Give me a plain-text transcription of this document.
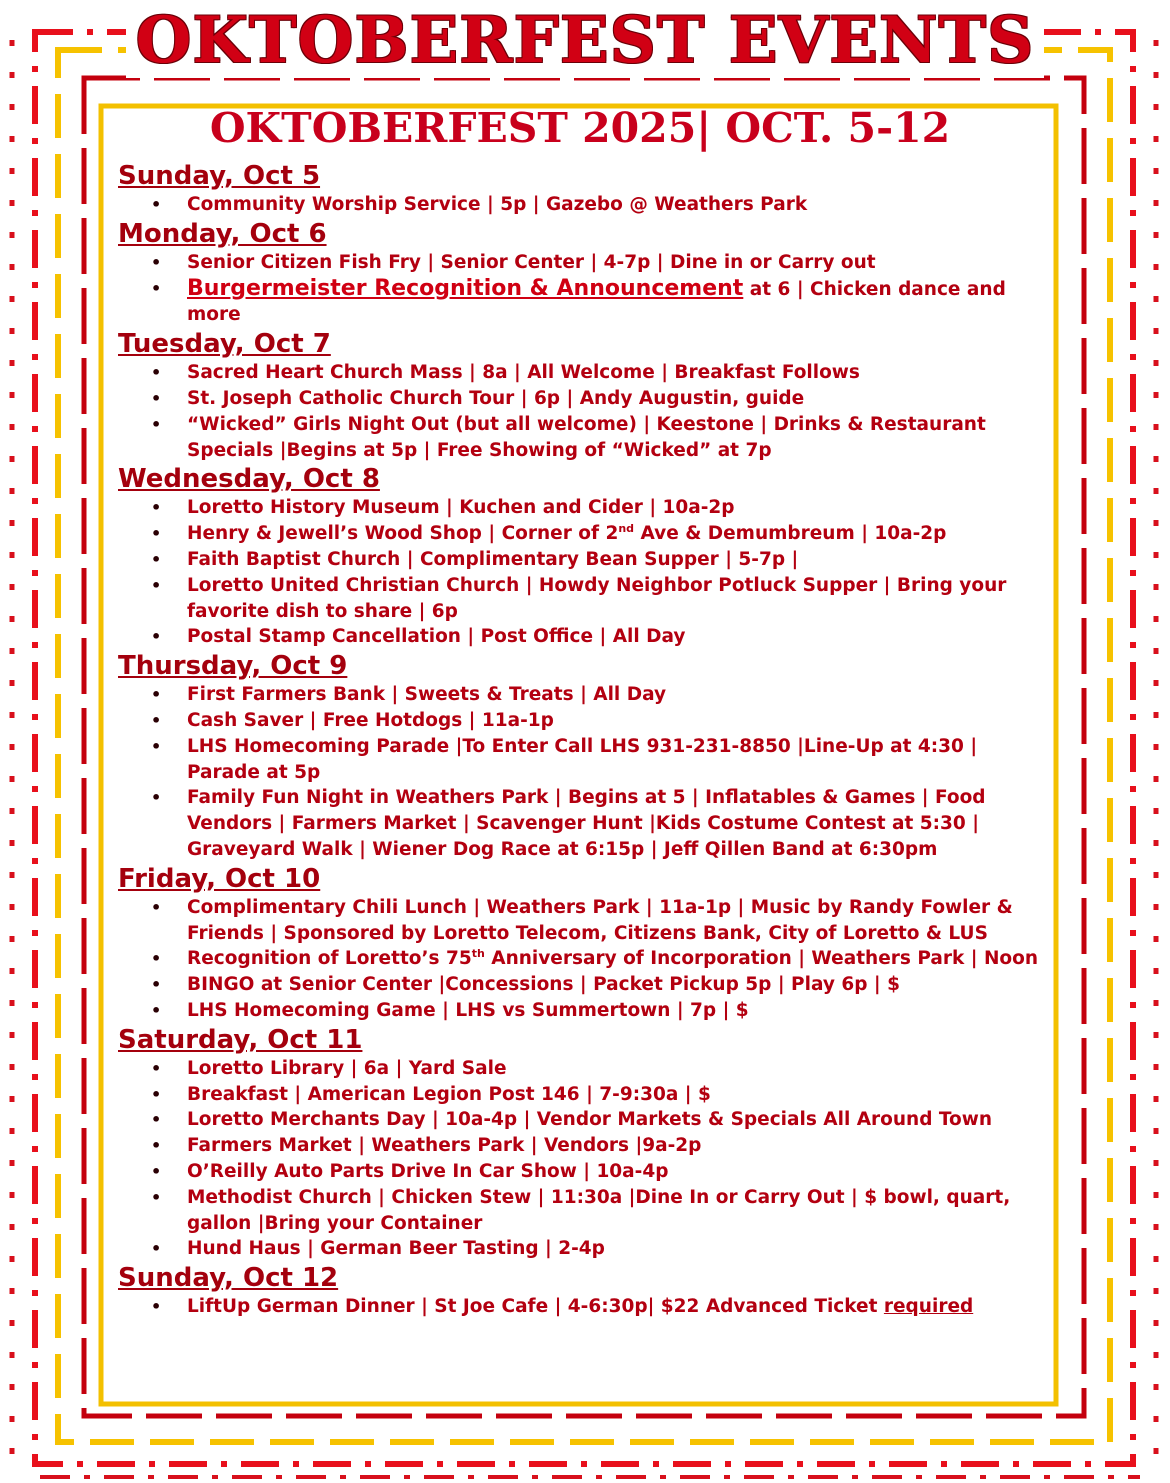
OKTOBERFEST EVENTS
OKTOBERFEST 2025| OCT. 5-12
Sunday, Oct 5
• Community Worship Service | 5p | Gazebo @ Weathers Park
Monday, Oct 6
• Senior Citizen Fish Fry | Senior Center | 4-7p | Dine in or Carry out
• Burgermeister Recognition & Announcement at 6 | Chicken dance and more
Tuesday, Oct 7
• Sacred Heart Church Mass | 8a | All Welcome | Breakfast Follows
• St. Joseph Catholic Church Tour | 6p | Andy Augustin, guide
• “Wicked” Girls Night Out (but all welcome) | Keestone | Drinks & Restaurant Specials |Begins at 5p | Free Showing of “Wicked” at 7p
Wednesday, Oct 8
• Loretto History Museum | Kuchen and Cider | 10a-2p
• Henry & Jewell’s Wood Shop | Corner of 2nd Ave & Demumbreum | 10a-2p
• Faith Baptist Church | Complimentary Bean Supper | 5-7p |
• Loretto United Christian Church | Howdy Neighbor Potluck Supper | Bring your favorite dish to share | 6p
• Postal Stamp Cancellation | Post Office | All Day
Thursday, Oct 9
• First Farmers Bank | Sweets & Treats | All Day
• Cash Saver | Free Hotdogs | 11a-1p
• LHS Homecoming Parade |To Enter Call LHS 931-231-8850 |Line-Up at 4:30 | Parade at 5p
• Family Fun Night in Weathers Park | Begins at 5 | Inflatables & Games | Food Vendors | Farmers Market | Scavenger Hunt |Kids Costume Contest at 5:30 | Graveyard Walk | Wiener Dog Race at 6:15p | Jeff Qillen Band at 6:30pm
Friday, Oct 10
• Complimentary Chili Lunch | Weathers Park | 11a-1p | Music by Randy Fowler & Friends | Sponsored by Loretto Telecom, Citizens Bank, City of Loretto & LUS
• Recognition of Loretto’s 75th Anniversary of Incorporation | Weathers Park | Noon
• BINGO at Senior Center |Concessions | Packet Pickup 5p | Play 6p | $
• LHS Homecoming Game | LHS vs Summertown | 7p | $
Saturday, Oct 11
• Loretto Library | 6a | Yard Sale
• Breakfast | American Legion Post 146 | 7-9:30a | $
• Loretto Merchants Day | 10a-4p | Vendor Markets & Specials All Around Town
• Farmers Market | Weathers Park | Vendors |9a-2p
• O’Reilly Auto Parts Drive In Car Show | 10a-4p
• Methodist Church | Chicken Stew | 11:30a |Dine In or Carry Out | $ bowl, quart, gallon |Bring your Container
• Hund Haus | German Beer Tasting | 2-4p
Sunday, Oct 12
• LiftUp German Dinner | St Joe Cafe | 4-6:30p| $22 Advanced Ticket required
